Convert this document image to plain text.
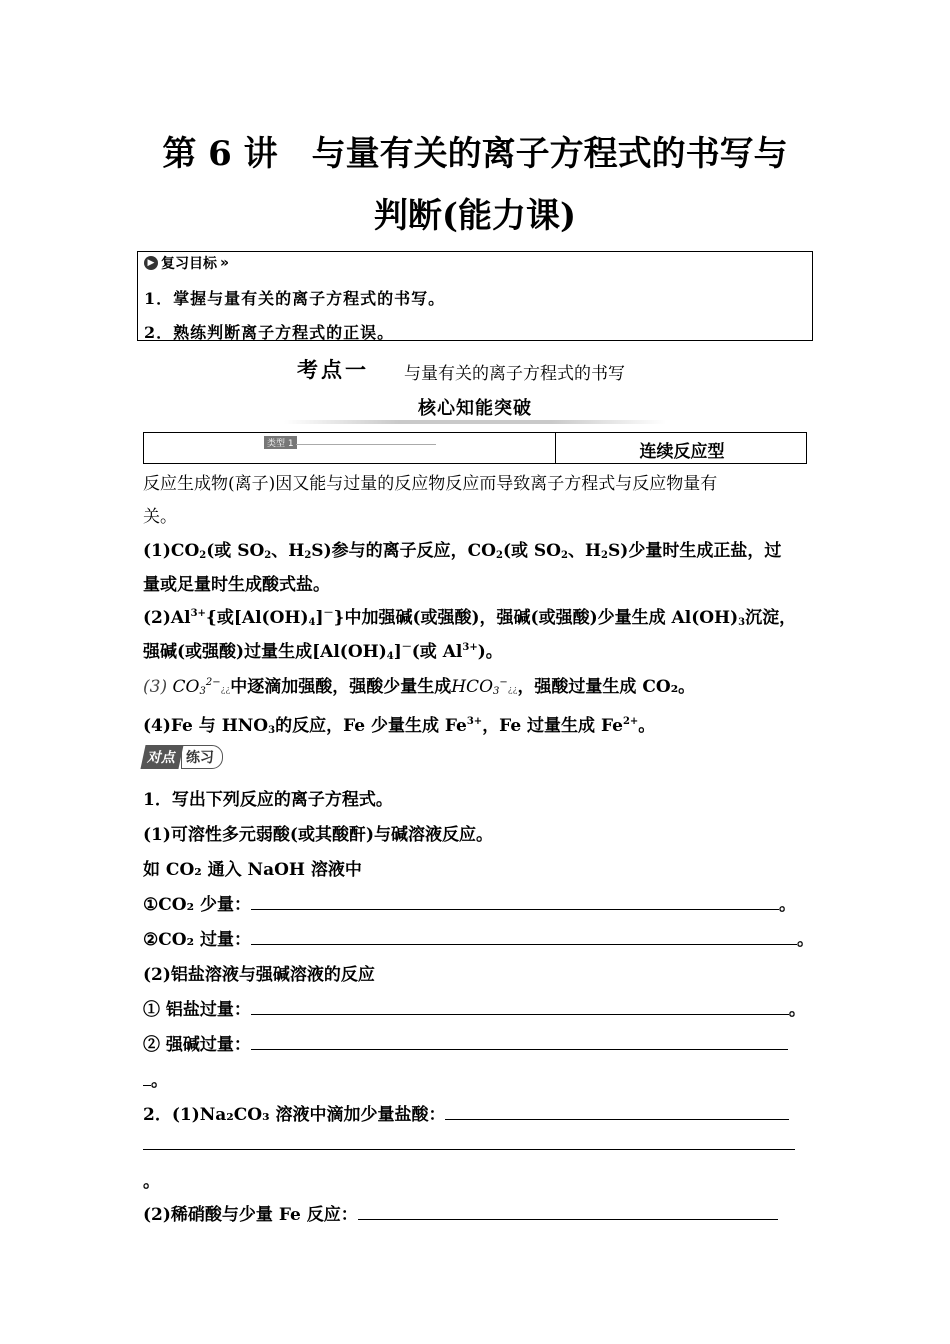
第 6 讲　与量有关的离子方程式的书写与
判断(能力课)
▶ 复习目标 »
1．掌握与量有关的离子方程式的书写。
2．熟练判断离子方程式的正误。
考点一 与量有关的离子方程式的书写
核心知能突破
类型 1	连续反应型
反应生成物(离子)因又能与过量的反应物反应而导致离子方程式与反应物量有
关。
$(1)CO_2$(或 $SO_2$、$H_2S$)参与的离子反应，$CO_2$(或 $SO_2$、$H_2S$)少量时生成正盐，过
量或足量时生成酸式盐。
$(2)Al^{3+}${或$[Al(OH)_4]^-$}中加强碱(或强酸)，强碱(或强酸)少量生成 $Al(OH)_3$沉淀，
强碱(或强酸)过量生成$[Al(OH)_4]^-$(或 $Al^{3+}$)。
(3) $CO_3^{2-}¿¿$中逐滴加强酸，强酸少量生成$HCO_3^-¿¿$，强酸过量生成 CO₂。
(4)Fe 与 $HNO_3$的反应，Fe 少量生成 $Fe^{3+}$，Fe 过量生成 $Fe^{2+}$。
对点 练习
1．写出下列反应的离子方程式。
(1)可溶性多元弱酸(或其酸酐)与碱溶液反应。
如 CO₂ 通入 NaOH 溶液中
①CO₂ 少量：	。
②CO₂ 过量：	。
(2)铝盐溶液与强碱溶液的反应
① 铝盐过量：	。
② 强碱过量：
。
2．(1)Na₂CO₃ 溶液中滴加少量盐酸：
。
(2)稀硝酸与少量 Fe 反应：
